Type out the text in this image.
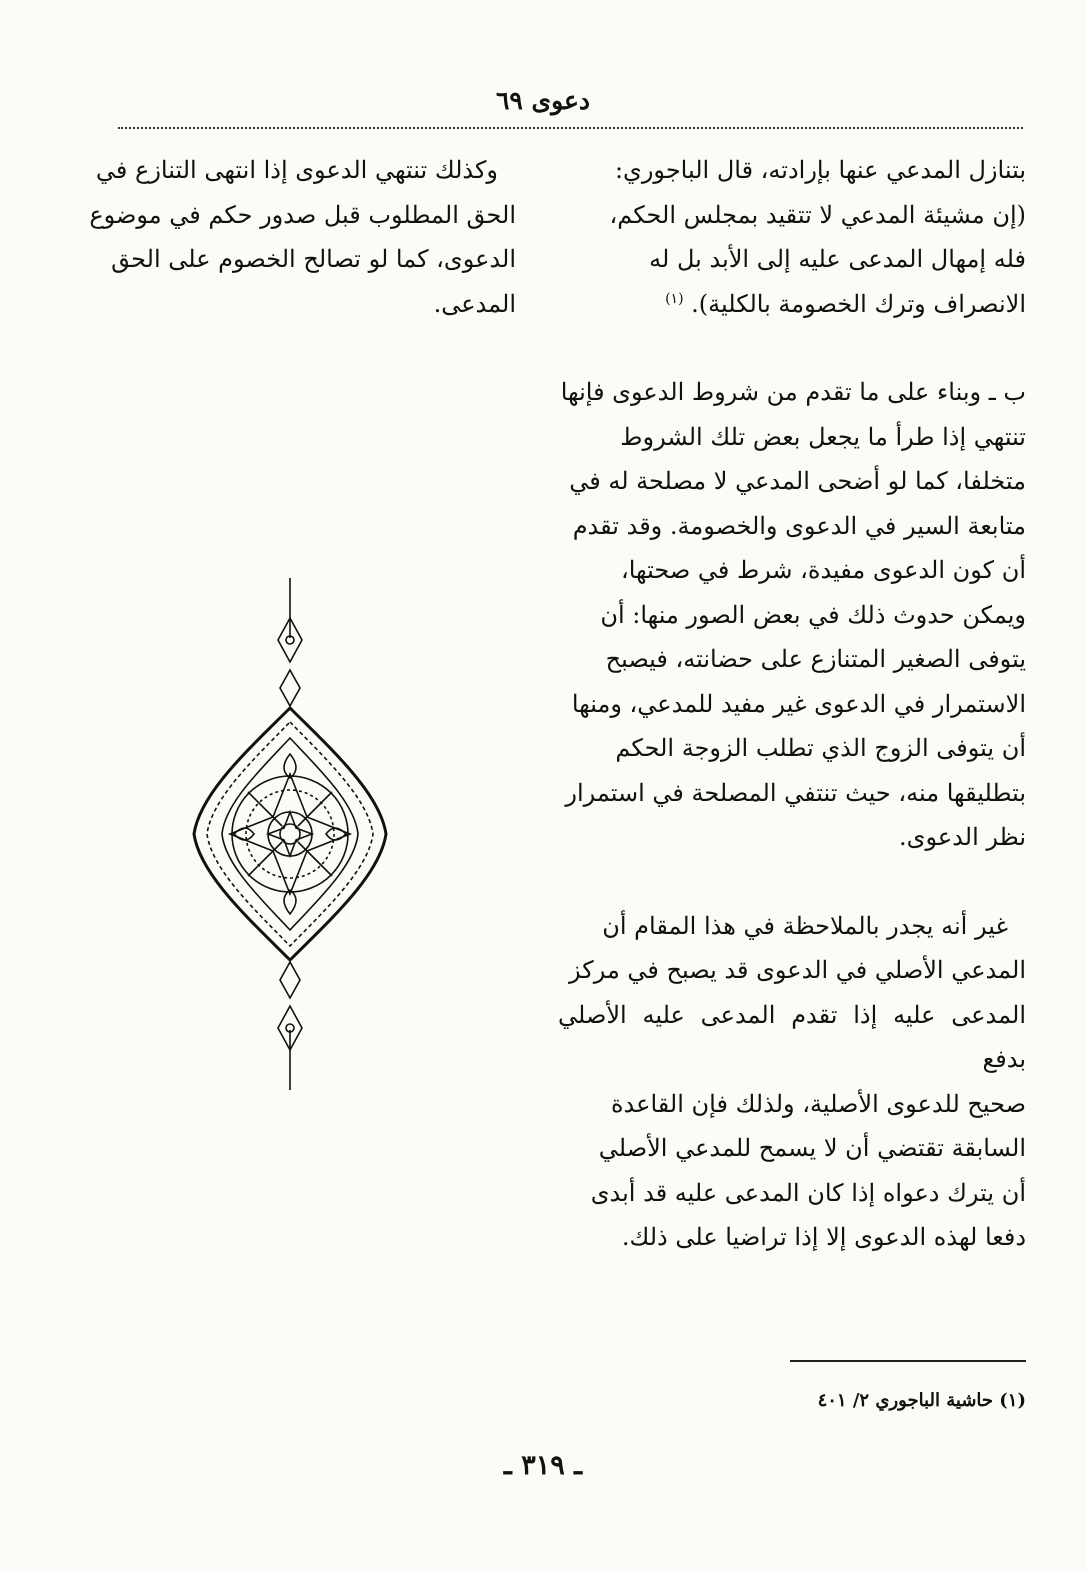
دعوى ٦٩

بتنازل المدعي عنها بإرادته، قال الباجوري:
(إن مشيئة المدعي لا تتقيد بمجلس الحكم،
فله إمهال المدعى عليه إلى الأبد بل له
الانصراف وترك الخصومة بالكلية). $^{(١)}$

ب ـ وبناء على ما تقدم من شروط الدعوى فإنها
تنتهي إذا طرأ ما يجعل بعض تلك الشروط
متخلفا، كما لو أضحى المدعي لا مصلحة له في
متابعة السير في الدعوى والخصومة. وقد تقدم
أن كون الدعوى مفيدة، شرط في صحتها،
ويمكن حدوث ذلك في بعض الصور منها: أن
يتوفى الصغير المتنازع على حضانته، فيصبح
الاستمرار في الدعوى غير مفيد للمدعي، ومنها
أن يتوفى الزوج الذي تطلب الزوجة الحكم
بتطليقها منه، حيث تنتفي المصلحة في استمرار
نظر الدعوى.

غير أنه يجدر بالملاحظة في هذا المقام أن
المدعي الأصلي في الدعوى قد يصبح في مركز
المدعى عليه إذا تقدم المدعى عليه الأصلي بدفع
صحيح للدعوى الأصلية، ولذلك فإن القاعدة
السابقة تقتضي أن لا يسمح للمدعي الأصلي
أن يترك دعواه إذا كان المدعى عليه قد أبدى
دفعا لهذه الدعوى إلا إذا تراضيا على ذلك.

وكذلك تنتهي الدعوى إذا انتهى التنازع في
الحق المطلوب قبل صدور حكم في موضوع
الدعوى، كما لو تصالح الخصوم على الحق
المدعى.

(١) حاشية الباجوري ٢/ ٤٠١
ـ ٣١٩ ـ
